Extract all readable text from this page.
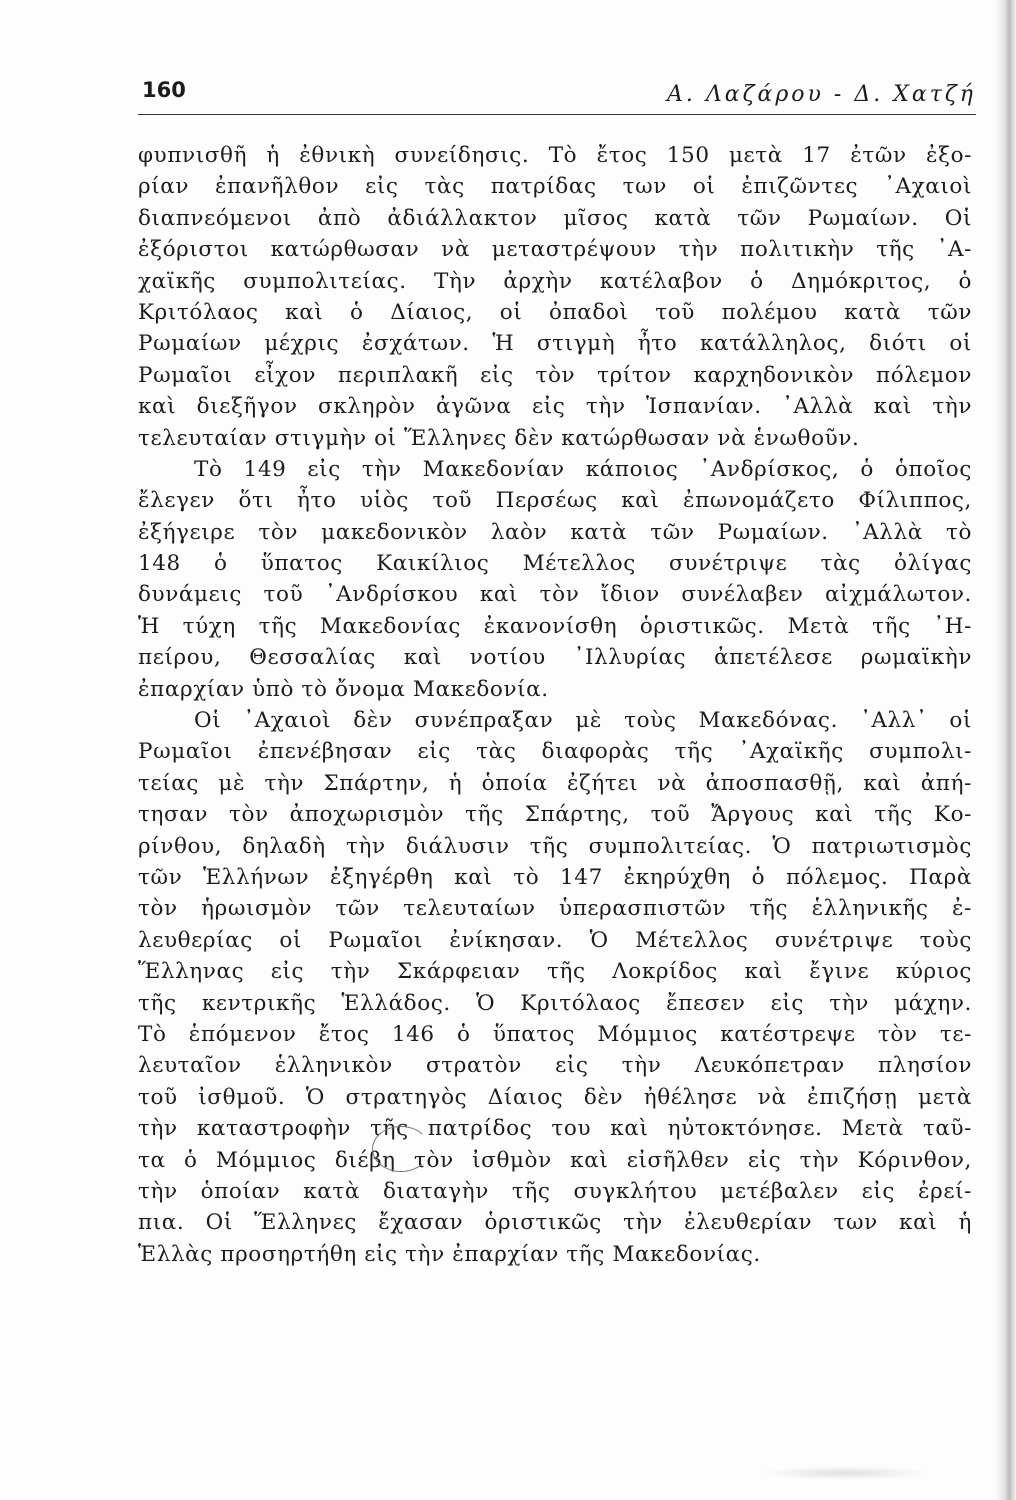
160	Α. Λαζάρου - Δ. Χατζή
φυπνισθῆ ἡ ἐθνικὴ συνείδησις. Τὸ ἔτος 150 μετὰ 17 ἐτῶν ἐξο-
ρίαν ἐπανῆλθον εἰς τὰς πατρίδας των οἱ ἐπιζῶντες ᾿Αχαιοὶ
διαπνεόμενοι ἀπὸ ἀδιάλλακτον μῖσος κατὰ τῶν Ρωμαίων. Οἱ
ἐξόριστοι κατώρθωσαν νὰ μεταστρέψουν τὴν πολιτικὴν τῆς ᾿Α-
χαϊκῆς συμπολιτείας. Τὴν ἀρχὴν κατέλαβον ὁ Δημόκριτος, ὁ
Κριτόλαος καὶ ὁ Δίαιος, οἱ ὀπαδοὶ τοῦ πολέμου κατὰ τῶν
Ρωμαίων μέχρις ἐσχάτων. Ἡ στιγμὴ ἦτο κατάλληλος, διότι οἱ
Ρωμαῖοι εἶχον περιπλακῆ εἰς τὸν τρίτον καρχηδονικὸν πόλεμον
καὶ διεξῆγον σκληρὸν ἀγῶνα εἰς τὴν Ἱσπανίαν. ᾿Αλλὰ καὶ τὴν
τελευταίαν στιγμὴν οἱ Ἕλληνες δὲν κατώρθωσαν νὰ ἑνωθοῦν.
Τὸ 149 εἰς τὴν Μακεδονίαν κάποιος ᾿Ανδρίσκος, ὁ ὁποῖος
ἔλεγεν ὅτι ἦτο υἱὸς τοῦ Περσέως καὶ ἐπωνομάζετο Φίλιππος,
ἐξήγειρε τὸν μακεδονικὸν λαὸν κατὰ τῶν Ρωμαίων. ᾿Αλλὰ τὸ
148 ὁ ὕπατος Καικίλιος Μέτελλος συνέτριψε τὰς ὀλίγας
δυνάμεις τοῦ ᾿Ανδρίσκου καὶ τὸν ἴδιον συνέλαβεν αἰχμάλωτον.
Ἡ τύχη τῆς Μακεδονίας ἐκανονίσθη ὁριστικῶς. Μετὰ τῆς ᾿Η-
πείρου, Θεσσαλίας καὶ νοτίου ᾿Ιλλυρίας ἀπετέλεσε ρωμαϊκὴν
ἐπαρχίαν ὑπὸ τὸ ὄνομα Μακεδονία.
Οἱ ᾿Αχαιοὶ δὲν συνέπραξαν μὲ τοὺς Μακεδόνας. ᾿Αλλ᾿ οἱ
Ρωμαῖοι ἐπενέβησαν εἰς τὰς διαφορὰς τῆς ᾿Αχαϊκῆς συμπολι-
τείας μὲ τὴν Σπάρτην, ἡ ὁποία ἐζήτει νὰ ἀποσπασθῇ, καὶ ἀπή-
τησαν τὸν ἀποχωρισμὸν τῆς Σπάρτης, τοῦ Ἄργους καὶ τῆς Κο-
ρίνθου, δηλαδὴ τὴν διάλυσιν τῆς συμπολιτείας. Ὁ πατριωτισμὸς
τῶν Ἑλλήνων ἐξηγέρθη καὶ τὸ 147 ἐκηρύχθη ὁ πόλεμος. Παρὰ
τὸν ἡρωισμὸν τῶν τελευταίων ὑπερασπιστῶν τῆς ἑλληνικῆς ἐ-
λευθερίας οἱ Ρωμαῖοι ἐνίκησαν. Ὁ Μέτελλος συνέτριψε τοὺς
Ἕλληνας εἰς τὴν Σκάρφειαν τῆς Λοκρίδος καὶ ἔγινε κύριος
τῆς κεντρικῆς Ἑλλάδος. Ὁ Κριτόλαος ἔπεσεν εἰς τὴν μάχην.
Τὸ ἑπόμενον ἔτος 146 ὁ ὕπατος Μόμμιος κατέστρεψε τὸν τε-
λευταῖον ἑλληνικὸν στρατὸν εἰς τὴν Λευκόπετραν πλησίον
τοῦ ἰσθμοῦ. Ὁ στρατηγὸς Δίαιος δὲν ἠθέλησε νὰ ἐπιζήσῃ μετὰ
τὴν καταστροφὴν τῆς πατρίδος του καὶ ηὐτοκτόνησε. Μετὰ ταῦ-
τα ὁ Μόμμιος διέβη τὸν ἰσθμὸν καὶ εἰσῆλθεν εἰς τὴν Κόρινθον,
τὴν ὁποίαν κατὰ διαταγὴν τῆς συγκλήτου μετέβαλεν εἰς ἐρεί-
πια. Οἱ Ἕλληνες ἔχασαν ὁριστικῶς τὴν ἐλευθερίαν των καὶ ἡ
Ἑλλὰς προσηρτήθη εἰς τὴν ἐπαρχίαν τῆς Μακεδονίας.
